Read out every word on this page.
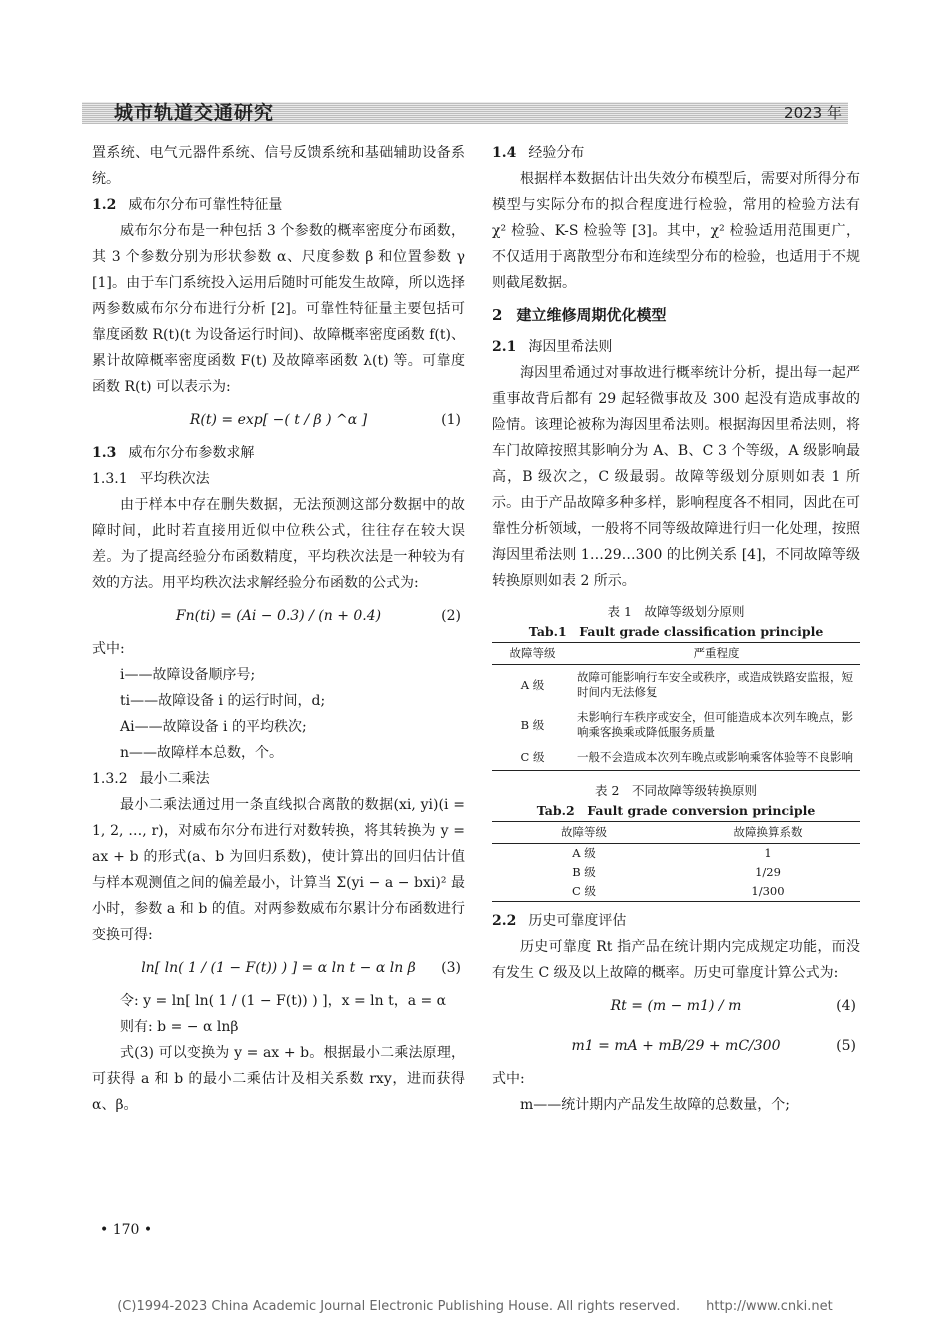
城市轨道交通研究	2023 年

置系统、电气元器件系统、信号反馈系统和基础辅助设备系统。

1.2 威布尔分布可靠性特征量

威布尔分布是一种包括 3 个参数的概率密度分布函数，其 3 个参数分别为形状参数 α、尺度参数 β 和位置参数 γ [1]。由于车门系统投入运用后随时可能发生故障，所以选择两参数威布尔分布进行分析 [2]。可靠性特征量主要包括可靠度函数 R(t)(t 为设备运行时间)、故障概率密度函数 f(t)、累计故障概率密度函数 F(t) 及故障率函数 λ(t) 等。可靠度函数 R(t) 可以表示为:

R(t) = exp[ −( t / β ) ^α ]	(1)
1.3 威布尔分布参数求解
1.3.1 平均秩次法

由于样本中存在删失数据，无法预测这部分数据中的故障时间，此时若直接用近似中位秩公式，往往存在较大误差。为了提高经验分布函数精度，平均秩次法是一种较为有效的方法。用平均秩次法求解经验分布函数的公式为:

Fn(ti) = (Ai − 0.3) / (n + 0.4)	(2)

式中:

i——故障设备顺序号;

ti——故障设备 i 的运行时间，d;

Ai——故障设备 i 的平均秩次;

n——故障样本总数，个。

1.3.2 最小二乘法

最小二乘法通过用一条直线拟合离散的数据(xi, yi)(i = 1, 2, …, r)，对威布尔分布进行对数转换，将其转换为 y = ax + b 的形式(a、b 为回归系数)，使计算出的回归估计值与样本观测值之间的偏差最小，计算当 Σ(yi − a − bxi)² 最小时，参数 a 和 b 的值。对两参数威布尔累计分布函数进行变换可得:

ln[ ln( 1 / (1 − F(t)) ) ] = α ln t − α ln β	(3)

令: y = ln[ ln( 1 / (1 − F(t)) ) ]，x = ln t，a = α

则有: b = − α lnβ

式(3) 可以变换为 y = ax + b。根据最小二乘法原理，可获得 a 和 b 的最小二乘估计及相关系数 rxy，进而获得 α、β。

• 170 •
1.4 经验分布

根据样本数据估计出失效分布模型后，需要对所得分布模型与实际分布的拟合程度进行检验，常用的检验方法有 χ² 检验、K-S 检验等 [3]。其中，χ² 检验适用范围更广，不仅适用于离散型分布和连续型分布的检验，也适用于不规则截尾数据。

2 建立维修周期优化模型
2.1 海因里希法则

海因里希通过对事故进行概率统计分析，提出每一起严重事故背后都有 29 起轻微事故及 300 起没有造成事故的险情。该理论被称为海因里希法则。根据海因里希法则，将车门故障按照其影响分为 A、B、C 3 个等级，A 级影响最高，B 级次之，C 级最弱。故障等级划分原则如表 1 所示。由于产品故障多种多样，影响程度各不相同，因此在可靠性分析领域，一般将不同等级故障进行归一化处理，按照海因里希法则 1…29…300 的比例关系 [4]，不同故障等级转换原则如表 2 所示。

表 1　故障等级划分原则
Tab.1　Fault grade classification principle
故障等级	严重程度
A 级	故障可能影响行车安全或秩序，或造成铁路安监报，短时间内无法修复
B 级	未影响行车秩序或安全，但可能造成本次列车晚点，影响乘客换乘或降低服务质量
C 级	一般不会造成本次列车晚点或影响乘客体验等不良影响
表 2　不同故障等级转换原则
Tab.2　Fault grade conversion principle
故障等级	故障换算系数
A 级	1
B 级	1/29
C 级	1/300
2.2 历史可靠度评估

历史可靠度 Rt 指产品在统计期内完成规定功能，而没有发生 C 级及以上故障的概率。历史可靠度计算公式为:

Rt = (m − m1) / m	(4)
m1 = mA + mB/29 + mC/300	(5)

式中:

m——统计期内产品发生故障的总数量，个;

(C)1994-2023 China Academic Journal Electronic Publishing House. All rights reserved.　　http://www.cnki.net
